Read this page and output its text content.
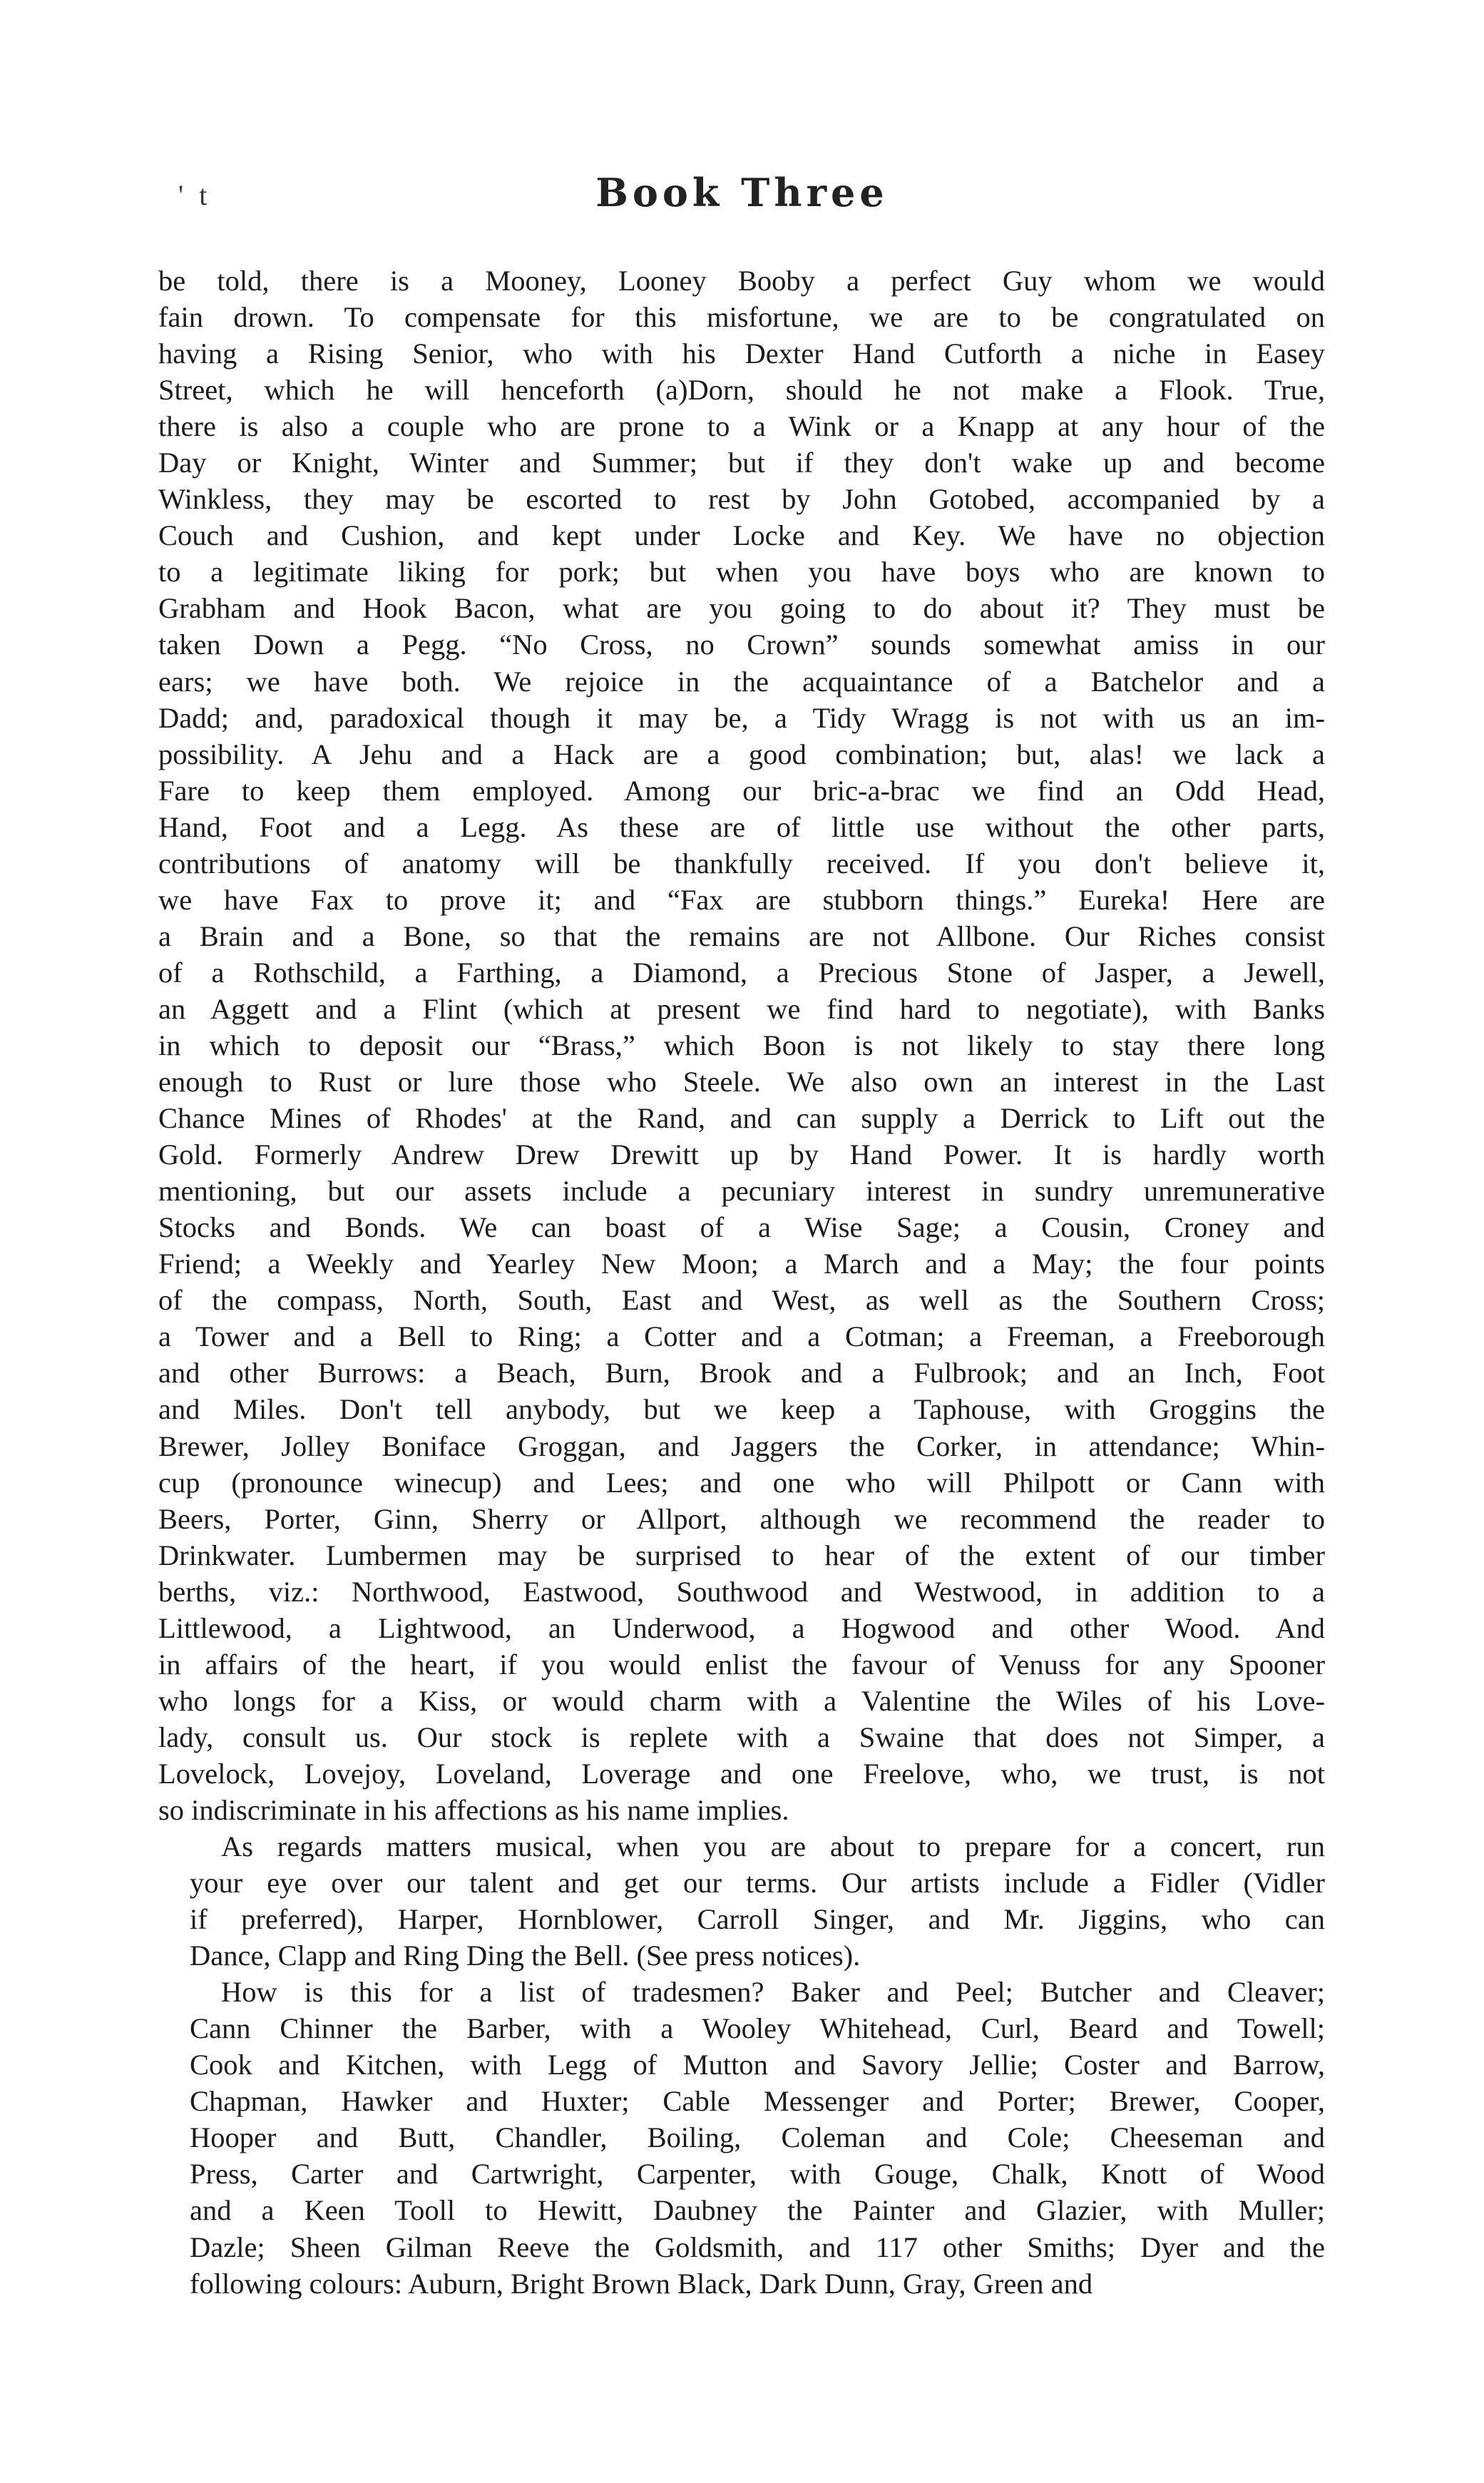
' t	Book Three
be told, there is a Mooney, Looney Booby a perfect Guy whom we would
fain drown. To compensate for this misfortune, we are to be congratulated on
having a Rising Senior, who with his Dexter Hand Cutforth a niche in Easey
Street, which he will henceforth (a)Dorn, should he not make a Flook. True,
there is also a couple who are prone to a Wink or a Knapp at any hour of the
Day or Knight, Winter and Summer; but if they don't wake up and become
Winkless, they may be escorted to rest by John Gotobed, accompanied by a
Couch and Cushion, and kept under Locke and Key. We have no objection
to a legitimate liking for pork; but when you have boys who are known to
Grabham and Hook Bacon, what are you going to do about it? They must be
taken Down a Pegg. “No Cross, no Crown” sounds somewhat amiss in our
ears; we have both. We rejoice in the acquaintance of a Batchelor and a
Dadd; and, paradoxical though it may be, a Tidy Wragg is not with us an im-
possibility. A Jehu and a Hack are a good combination; but, alas! we lack a
Fare to keep them employed. Among our bric-a-brac we find an Odd Head,
Hand, Foot and a Legg. As these are of little use without the other parts,
contributions of anatomy will be thankfully received. If you don't believe it,
we have Fax to prove it; and “Fax are stubborn things.” Eureka! Here are
a Brain and a Bone, so that the remains are not Allbone. Our Riches consist
of a Rothschild, a Farthing, a Diamond, a Precious Stone of Jasper, a Jewell,
an Aggett and a Flint (which at present we find hard to negotiate), with Banks
in which to deposit our “Brass,” which Boon is not likely to stay there long
enough to Rust or lure those who Steele. We also own an interest in the Last
Chance Mines of Rhodes' at the Rand, and can supply a Derrick to Lift out the
Gold. Formerly Andrew Drew Drewitt up by Hand Power. It is hardly worth
mentioning, but our assets include a pecuniary interest in sundry unremunerative
Stocks and Bonds. We can boast of a Wise Sage; a Cousin, Croney and
Friend; a Weekly and Yearley New Moon; a March and a May; the four points
of the compass, North, South, East and West, as well as the Southern Cross;
a Tower and a Bell to Ring; a Cotter and a Cotman; a Freeman, a Freeborough
and other Burrows: a Beach, Burn, Brook and a Fulbrook; and an Inch, Foot
and Miles. Don't tell anybody, but we keep a Taphouse, with Groggins the
Brewer, Jolley Boniface Groggan, and Jaggers the Corker, in attendance; Whin-
cup (pronounce winecup) and Lees; and one who will Philpott or Cann with
Beers, Porter, Ginn, Sherry or Allport, although we recommend the reader to
Drinkwater. Lumbermen may be surprised to hear of the extent of our timber
berths, viz.: Northwood, Eastwood, Southwood and Westwood, in addition to a
Littlewood, a Lightwood, an Underwood, a Hogwood and other Wood. And
in affairs of the heart, if you would enlist the favour of Venuss for any Spooner
who longs for a Kiss, or would charm with a Valentine the Wiles of his Love-
lady, consult us. Our stock is replete with a Swaine that does not Simper, a
Lovelock, Lovejoy, Loveland, Loverage and one Freelove, who, we trust, is not
so indiscriminate in his affections as his name implies.
As regards matters musical, when you are about to prepare for a concert, run
your eye over our talent and get our terms. Our artists include a Fidler (Vidler
if preferred), Harper, Hornblower, Carroll Singer, and Mr. Jiggins, who can
Dance, Clapp and Ring Ding the Bell. (See press notices).
How is this for a list of tradesmen? Baker and Peel; Butcher and Cleaver;
Cann Chinner the Barber, with a Wooley Whitehead, Curl, Beard and Towell;
Cook and Kitchen, with Legg of Mutton and Savory Jellie; Coster and Barrow,
Chapman, Hawker and Huxter; Cable Messenger and Porter; Brewer, Cooper,
Hooper and Butt, Chandler, Boiling, Coleman and Cole; Cheeseman and
Press, Carter and Cartwright, Carpenter, with Gouge, Chalk, Knott of Wood
and a Keen Tooll to Hewitt, Daubney the Painter and Glazier, with Muller;
Dazle; Sheen Gilman Reeve the Goldsmith, and 117 other Smiths; Dyer and the
following colours: Auburn, Bright Brown Black, Dark Dunn, Gray, Green and
